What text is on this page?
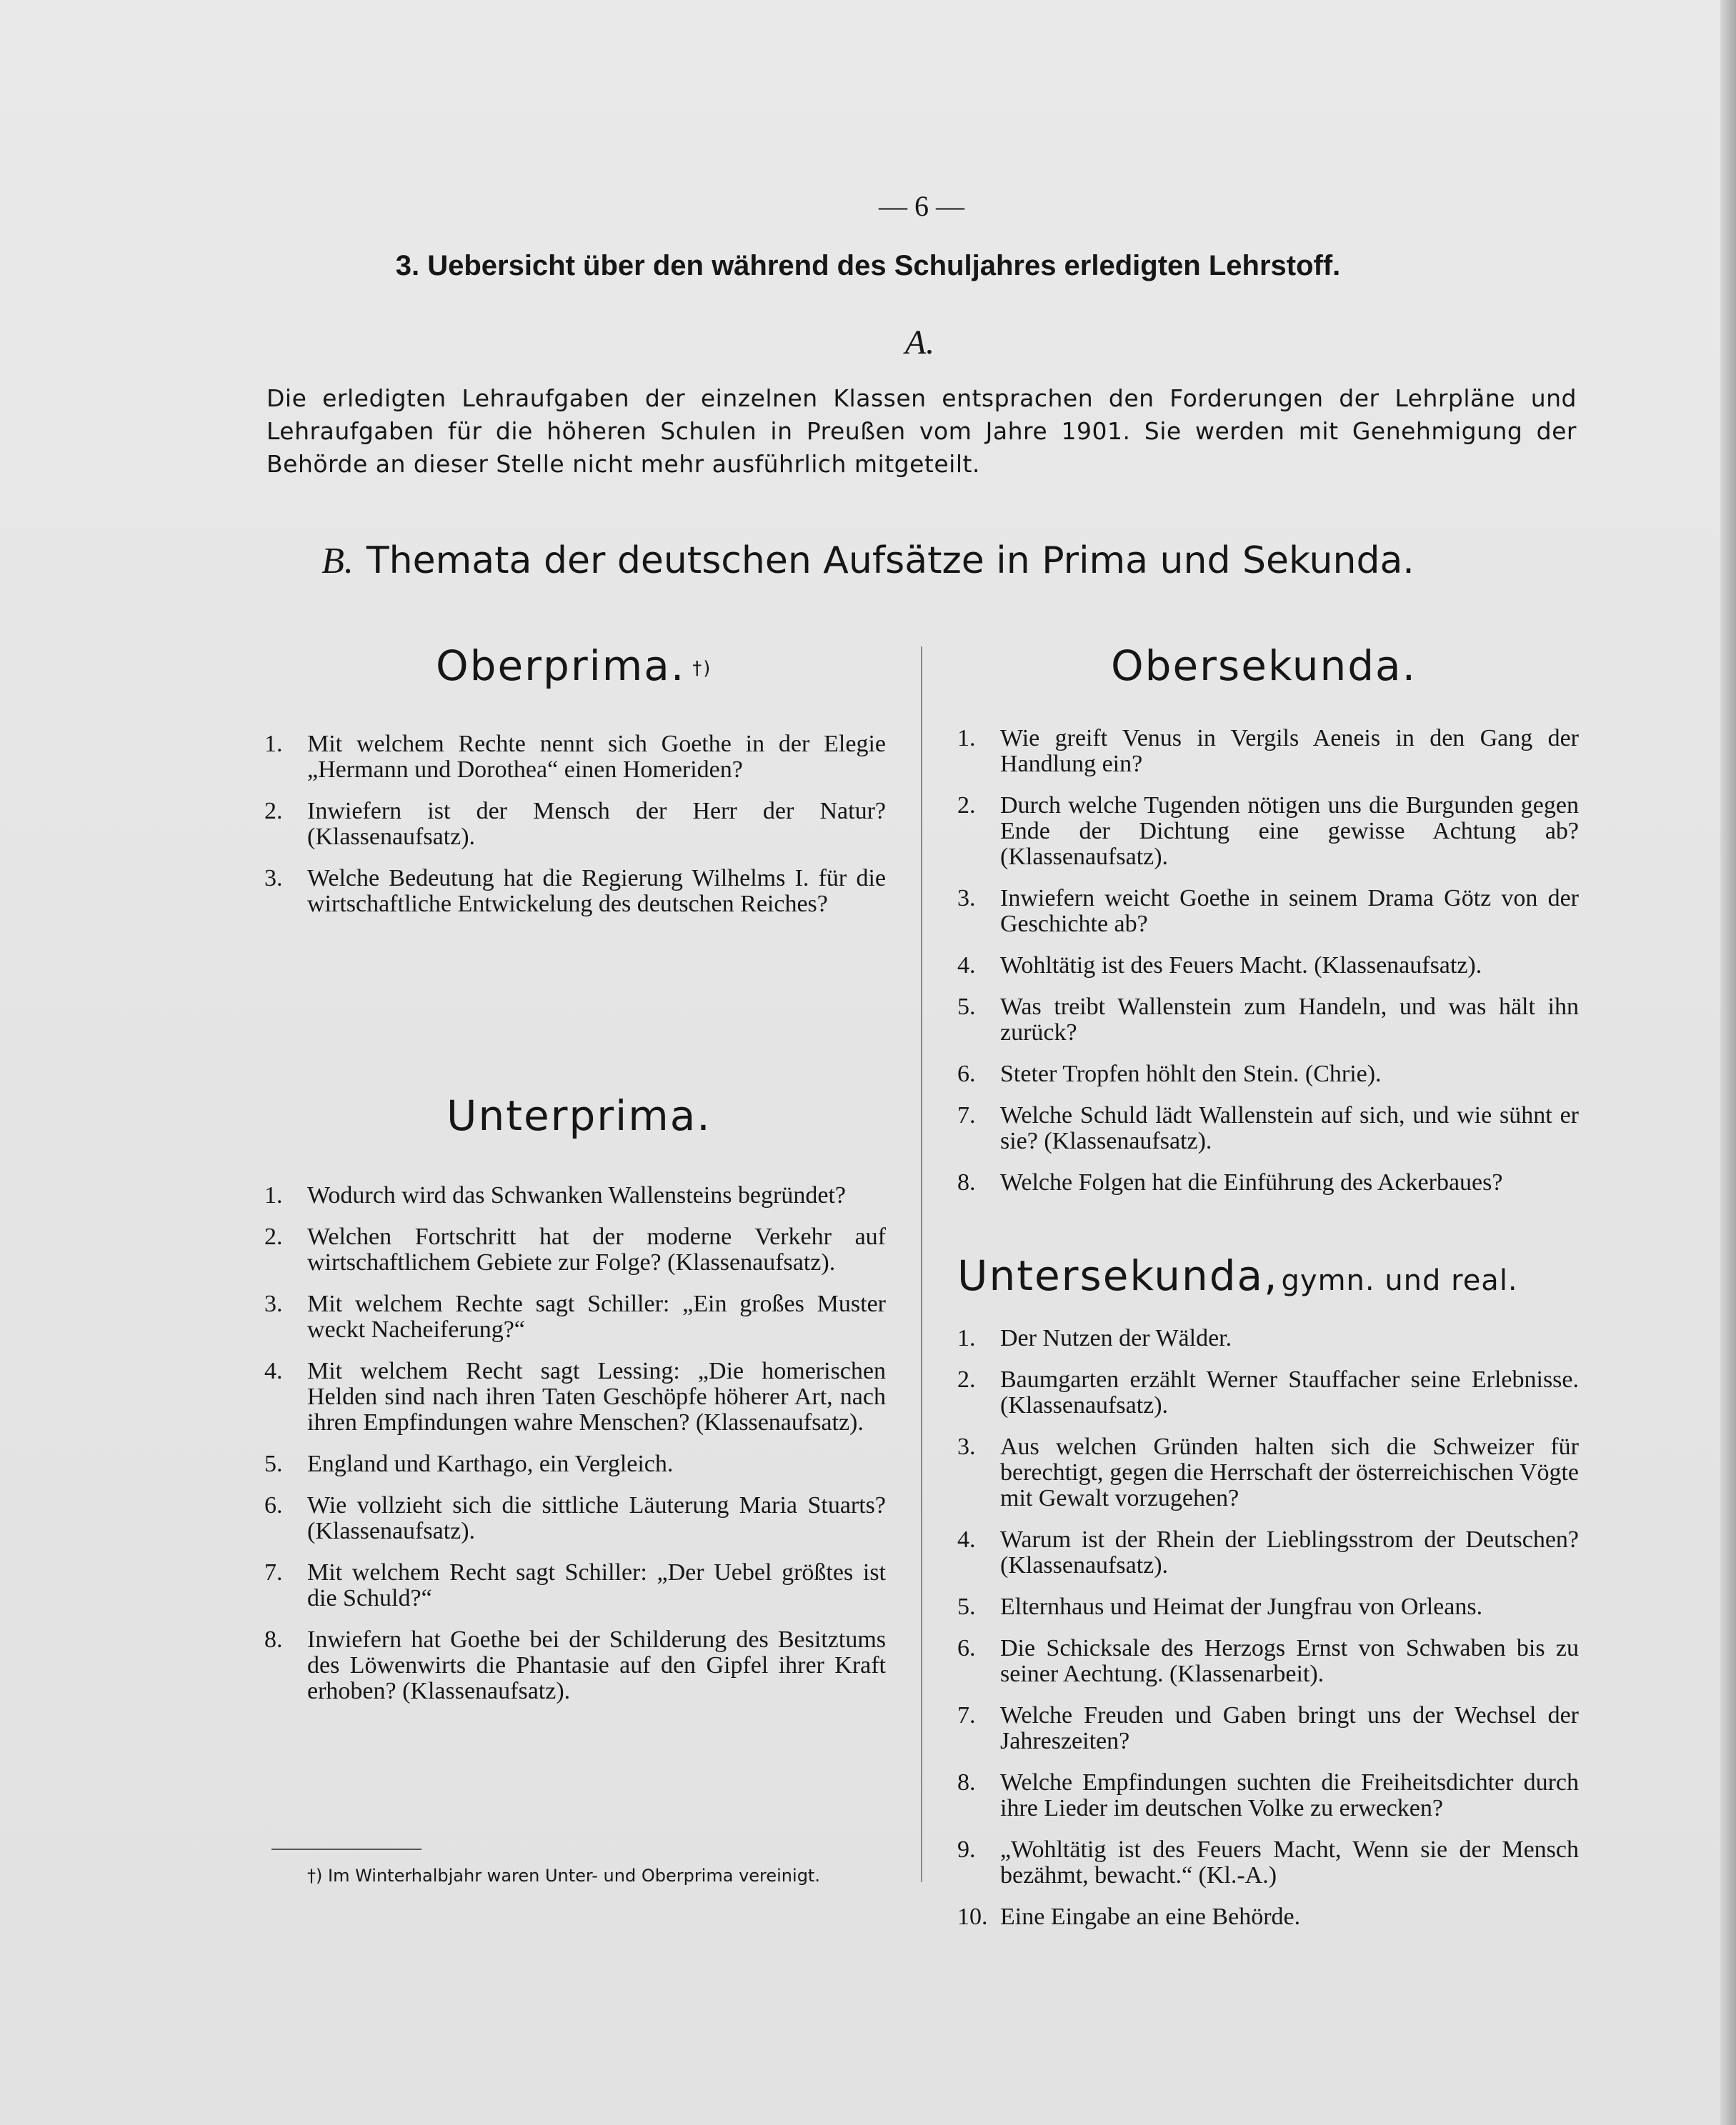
— 6 —
3. Uebersicht über den während des Schuljahres erledigten Lehrstoff.
A.

Die erledigten Lehraufgaben der einzelnen Klassen entsprachen den Forderungen der Lehrpläne und Lehraufgaben für die höheren Schulen in Preußen vom Jahre 1901. Sie werden mit Genehmigung der Behörde an dieser Stelle nicht mehr ausführlich mitgeteilt.

B. Themata der deutschen Aufsätze in Prima und Sekunda.
Oberprima. †)
1.	Mit welchem Rechte nennt sich Goethe in der Elegie „Hermann und Dorothea“ einen Homeriden?
2.	Inwiefern ist der Mensch der Herr der Natur? (Klassenaufsatz).
3.	Welche Bedeutung hat die Regierung Wilhelms I. für die wirtschaftliche Entwickelung des deutschen Reiches?
Unterprima.
1.	Wodurch wird das Schwanken Wallensteins begründet?
2.	Welchen Fortschritt hat der moderne Verkehr auf wirtschaftlichem Gebiete zur Folge? (Klassenaufsatz).
3.	Mit welchem Rechte sagt Schiller: „Ein großes Muster weckt Nacheiferung?“
4.	Mit welchem Recht sagt Lessing: „Die homerischen Helden sind nach ihren Taten Geschöpfe höherer Art, nach ihren Empfindungen wahre Menschen? (Klassenaufsatz).
5.	England und Karthago, ein Vergleich.
6.	Wie vollzieht sich die sittliche Läuterung Maria Stuarts? (Klassenaufsatz).
7.	Mit welchem Recht sagt Schiller: „Der Uebel größtes ist die Schuld?“
8.	Inwiefern hat Goethe bei der Schilderung des Besitztums des Löwenwirts die Phantasie auf den Gipfel ihrer Kraft erhoben? (Klassenaufsatz).
†) Im Winterhalbjahr waren Unter- und Oberprima vereinigt.
Obersekunda.
1.	Wie greift Venus in Vergils Aeneis in den Gang der Handlung ein?
2.	Durch welche Tugenden nötigen uns die Burgunden gegen Ende der Dichtung eine gewisse Achtung ab? (Klassenaufsatz).
3.	Inwiefern weicht Goethe in seinem Drama Götz von der Geschichte ab?
4.	Wohltätig ist des Feuers Macht. (Klassenaufsatz).
5.	Was treibt Wallenstein zum Handeln, und was hält ihn zurück?
6.	Steter Tropfen höhlt den Stein. (Chrie).
7.	Welche Schuld lädt Wallenstein auf sich, und wie sühnt er sie? (Klassenaufsatz).
8.	Welche Folgen hat die Einführung des Ackerbaues?
Untersekunda, gymn. und real.
1.	Der Nutzen der Wälder.
2.	Baumgarten erzählt Werner Stauffacher seine Erlebnisse. (Klassenaufsatz).
3.	Aus welchen Gründen halten sich die Schweizer für berechtigt, gegen die Herrschaft der österreichischen Vögte mit Gewalt vorzugehen?
4.	Warum ist der Rhein der Lieblingsstrom der Deutschen? (Klassenaufsatz).
5.	Elternhaus und Heimat der Jungfrau von Orleans.
6.	Die Schicksale des Herzogs Ernst von Schwaben bis zu seiner Aechtung. (Klassenarbeit).
7.	Welche Freuden und Gaben bringt uns der Wechsel der Jahreszeiten?
8.	Welche Empfindungen suchten die Freiheitsdichter durch ihre Lieder im deutschen Volke zu erwecken?
9.	„Wohltätig ist des Feuers Macht, Wenn sie der Mensch bezähmt, bewacht.“ (Kl.-A.)
10. Eine Eingabe an eine Behörde.
